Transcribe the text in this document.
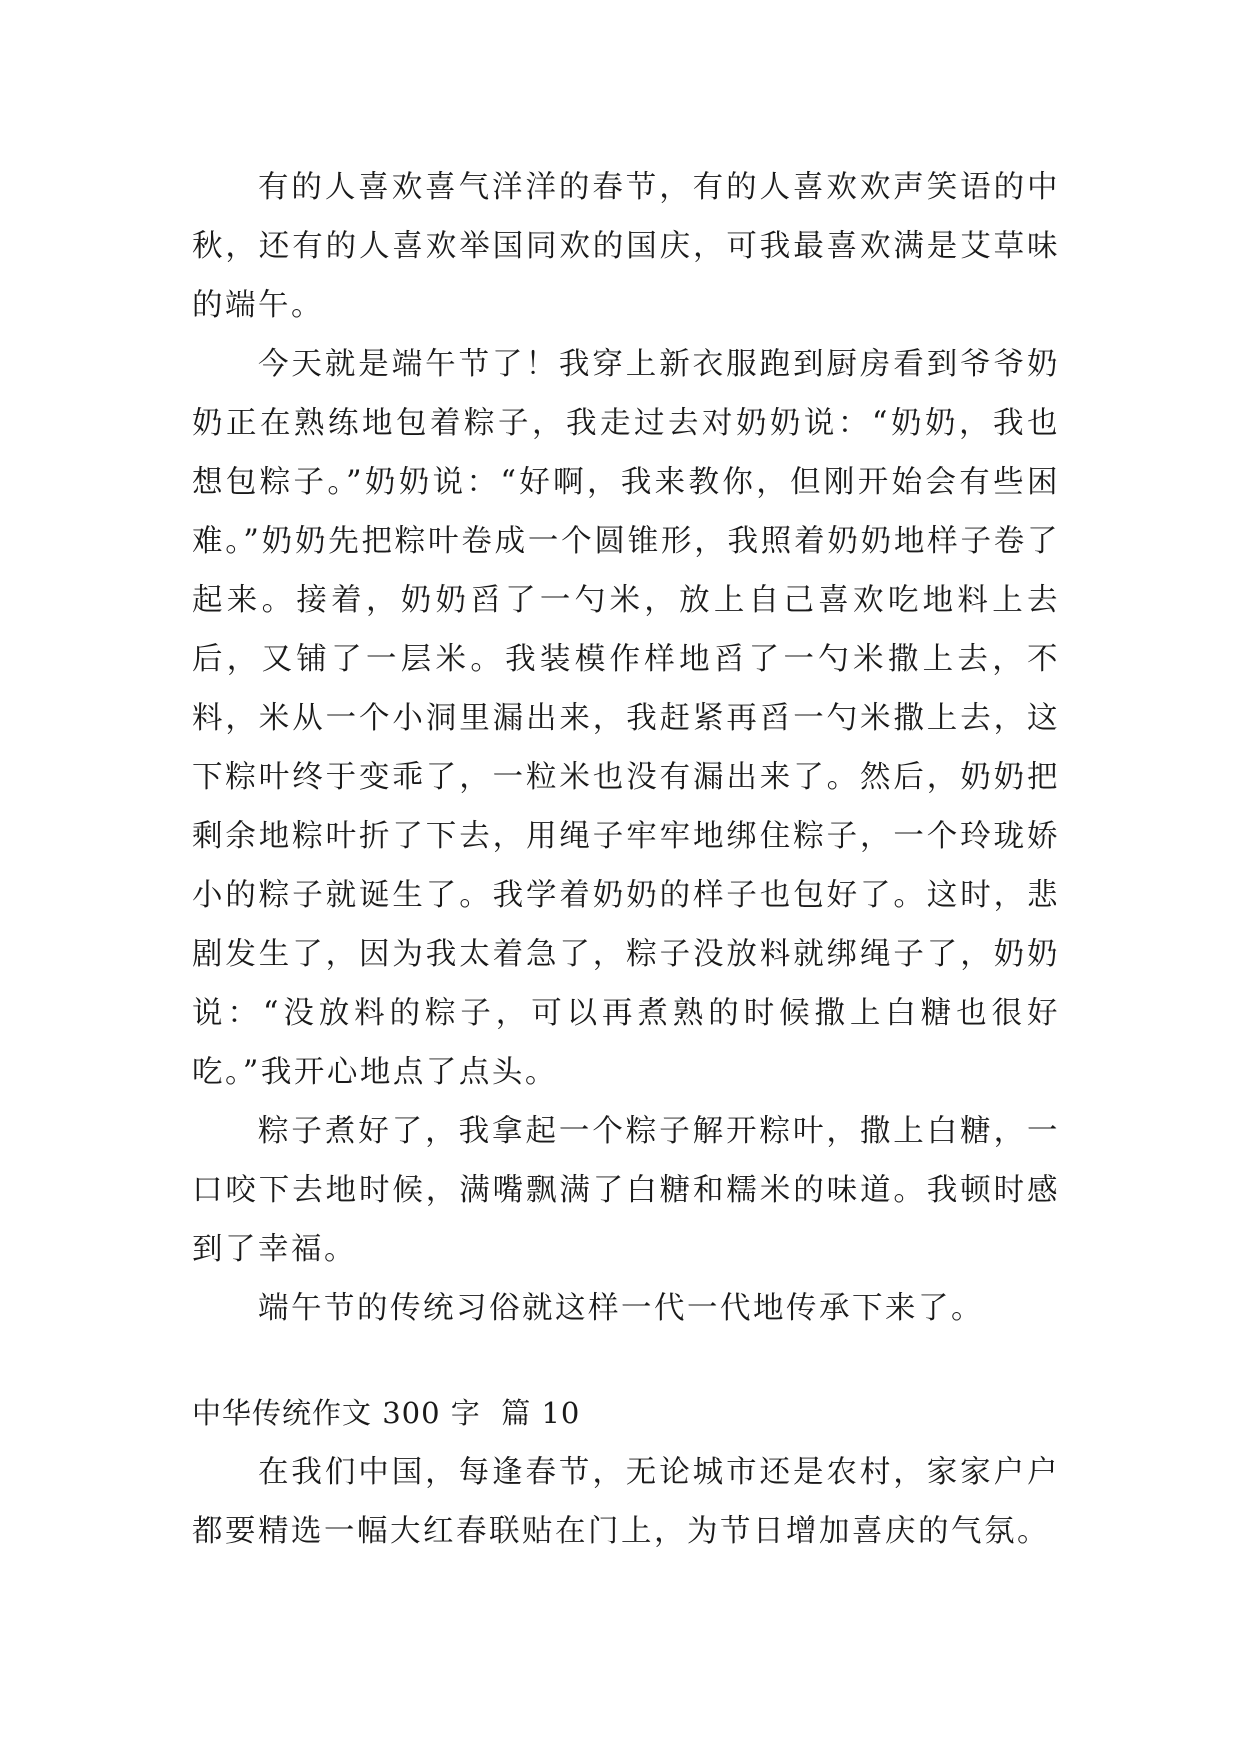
有的人喜欢喜气洋洋的春节，有的人喜欢欢声笑语的中秋，还有的人喜欢举国同欢的国庆，可我最喜欢满是艾草味的端午。

今天就是端午节了！我穿上新衣服跑到厨房看到爷爷奶奶正在熟练地包着粽子，我走过去对奶奶说：“奶奶，我也想包粽子。”奶奶说：“好啊，我来教你，但刚开始会有些困难。”奶奶先把粽叶卷成一个圆锥形，我照着奶奶地样子卷了起来。接着，奶奶舀了一勺米，放上自己喜欢吃地料上去后，又铺了一层米。我装模作样地舀了一勺米撒上去，不料，米从一个小洞里漏出来，我赶紧再舀一勺米撒上去，这下粽叶终于变乖了，一粒米也没有漏出来了。然后，奶奶把剩余地粽叶折了下去，用绳子牢牢地绑住粽子，一个玲珑娇小的粽子就诞生了。我学着奶奶的样子也包好了。这时，悲剧发生了，因为我太着急了，粽子没放料就绑绳子了，奶奶说：“没放料的粽子，可以再煮熟的时候撒上白糖也很好吃。”我开心地点了点头。

粽子煮好了，我拿起一个粽子解开粽叶，撒上白糖，一口咬下去地时候，满嘴飘满了白糖和糯米的味道。我顿时感到了幸福。

端午节的传统习俗就这样一代一代地传承下来了。

中华传统作文 300 字  篇 10

在我们中国，每逢春节，无论城市还是农村，家家户户都要精选一幅大红春联贴在门上，为节日增加喜庆的气氛。
